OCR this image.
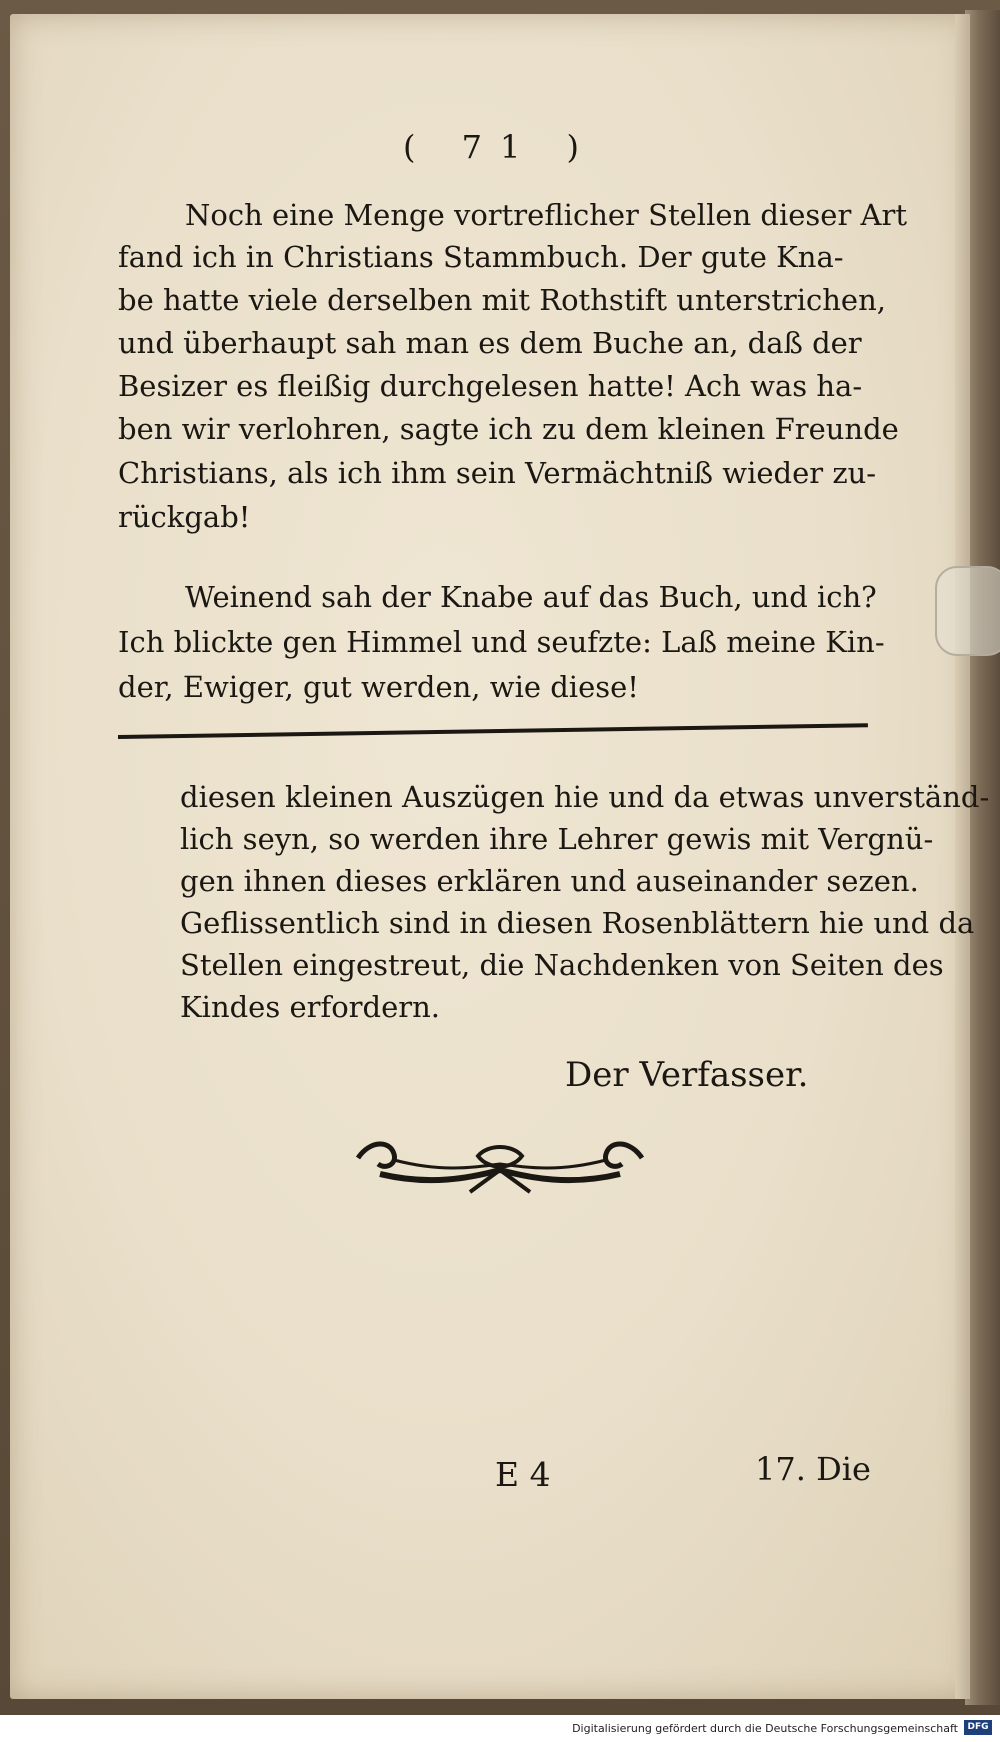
( 71 )
Noch eine Menge vortreflicher Stellen dieser Art
fand ich in Christians Stammbuch. Der gute Kna-
be hatte viele derselben mit Rothstift unterstrichen,
und überhaupt sah man es dem Buche an, daß der
Besizer es fleißig durchgelesen hatte! Ach was ha-
ben wir verlohren, sagte ich zu dem kleinen Freunde
Christians, als ich ihm sein Vermächtniß wieder zu-
rückgab!
Weinend sah der Knabe auf das Buch, und ich?
Ich blickte gen Himmel und seufzte: Laß meine Kin-
der, Ewiger, gut werden, wie diese!
diesen kleinen Auszügen hie und da etwas unverständ-
lich seyn, so werden ihre Lehrer gewis mit Vergnü-
gen ihnen dieses erklären und auseinander sezen.
Geflissentlich sind in diesen Rosenblättern hie und da
Stellen eingestreut, die Nachdenken von Seiten des
Kindes erfordern.
Der Verfasser.
E 4	17. Die
Digitalisierung gefördert durch die Deutsche Forschungsgemeinschaft	DFG
